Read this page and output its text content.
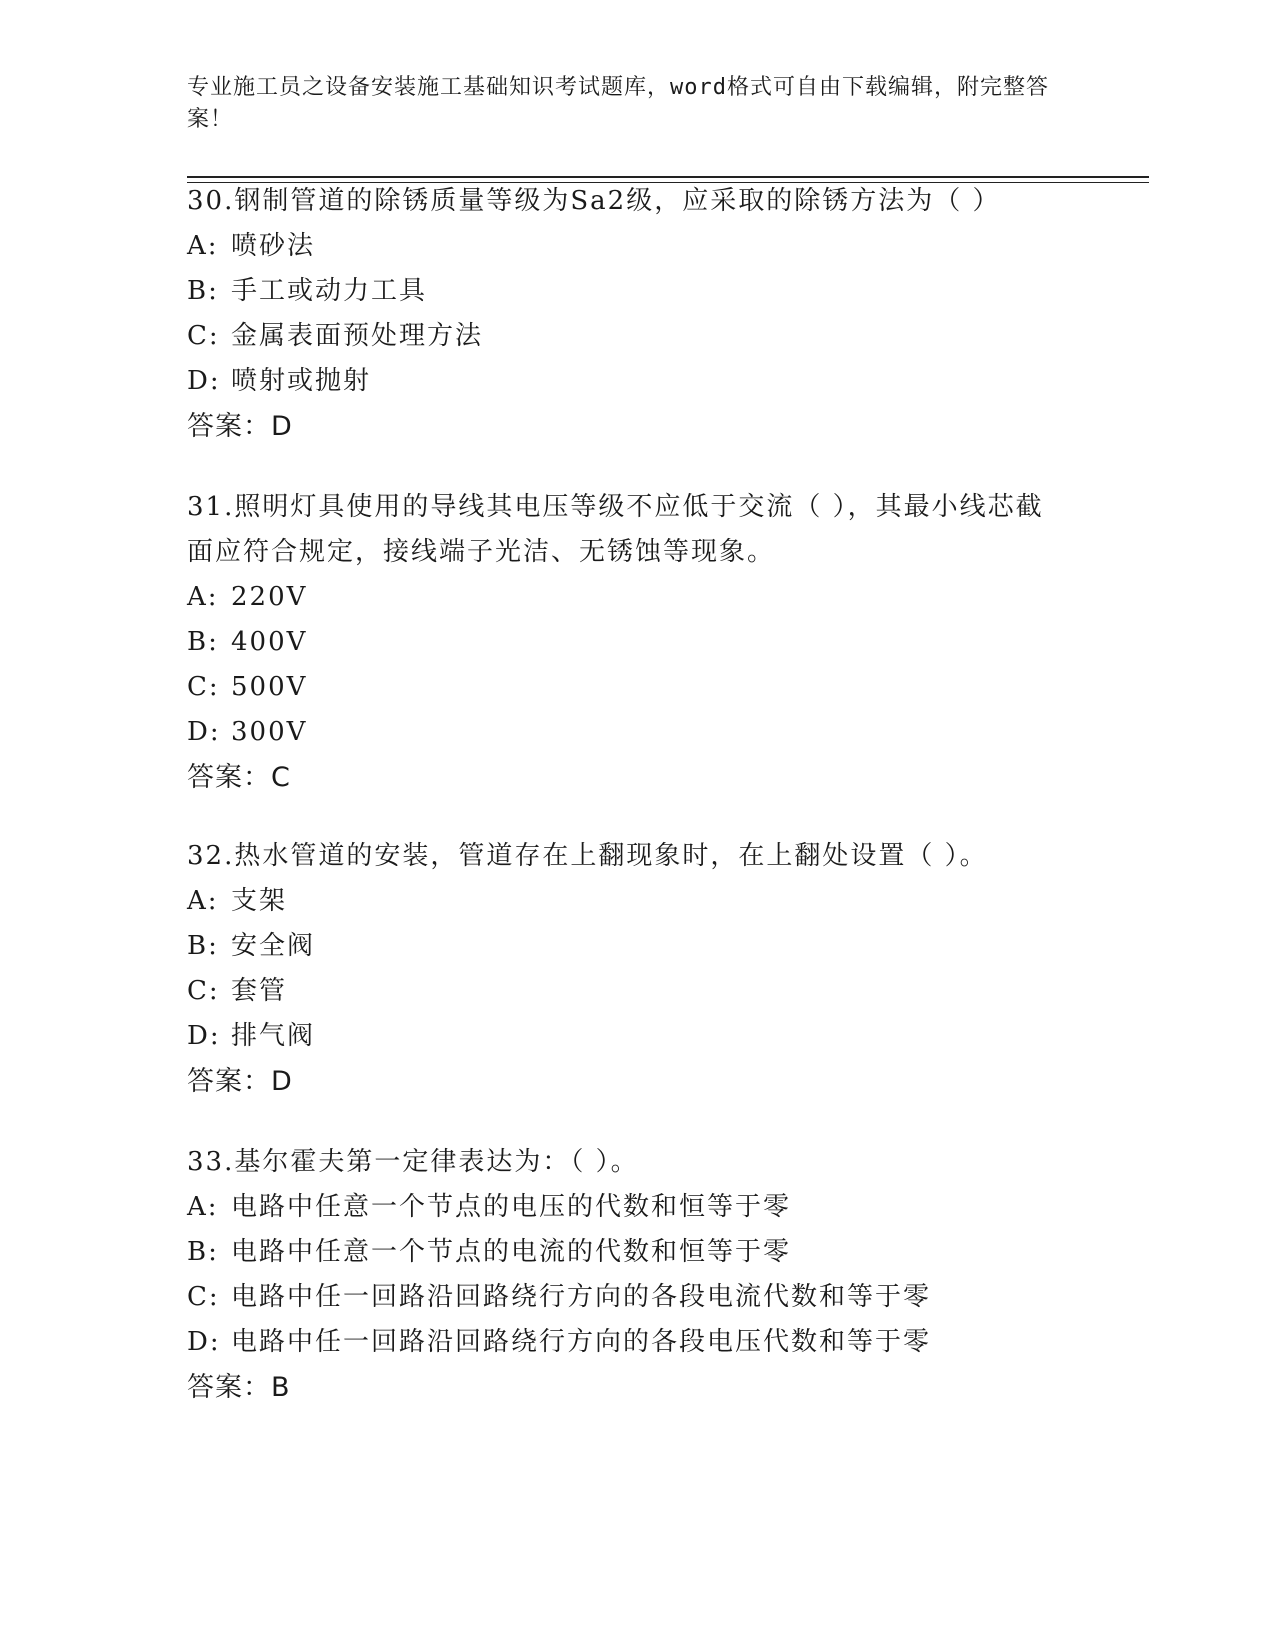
专业施工员之设备安装施工基础知识考试题库，word格式可自由下载编辑，附完整答案！
30.钢制管道的除锈质量等级为Sa2级，应采取的除锈方法为（ ）
A: 喷砂法
B: 手工或动力工具
C: 金属表面预处理方法
D: 喷射或抛射
答案：D
31.照明灯具使用的导线其电压等级不应低于交流（ ），其最小线芯截面应符合规定，接线端子光洁、无锈蚀等现象。
A: 220V
B: 400V
C: 500V
D: 300V
答案：C
32.热水管道的安装，管道存在上翻现象时，在上翻处设置（ ）。
A: 支架
B: 安全阀
C: 套管
D: 排气阀
答案：D
33.基尔霍夫第一定律表达为：（ ）。
A: 电路中任意一个节点的电压的代数和恒等于零
B: 电路中任意一个节点的电流的代数和恒等于零
C: 电路中任一回路沿回路绕行方向的各段电流代数和等于零
D: 电路中任一回路沿回路绕行方向的各段电压代数和等于零
答案：B
